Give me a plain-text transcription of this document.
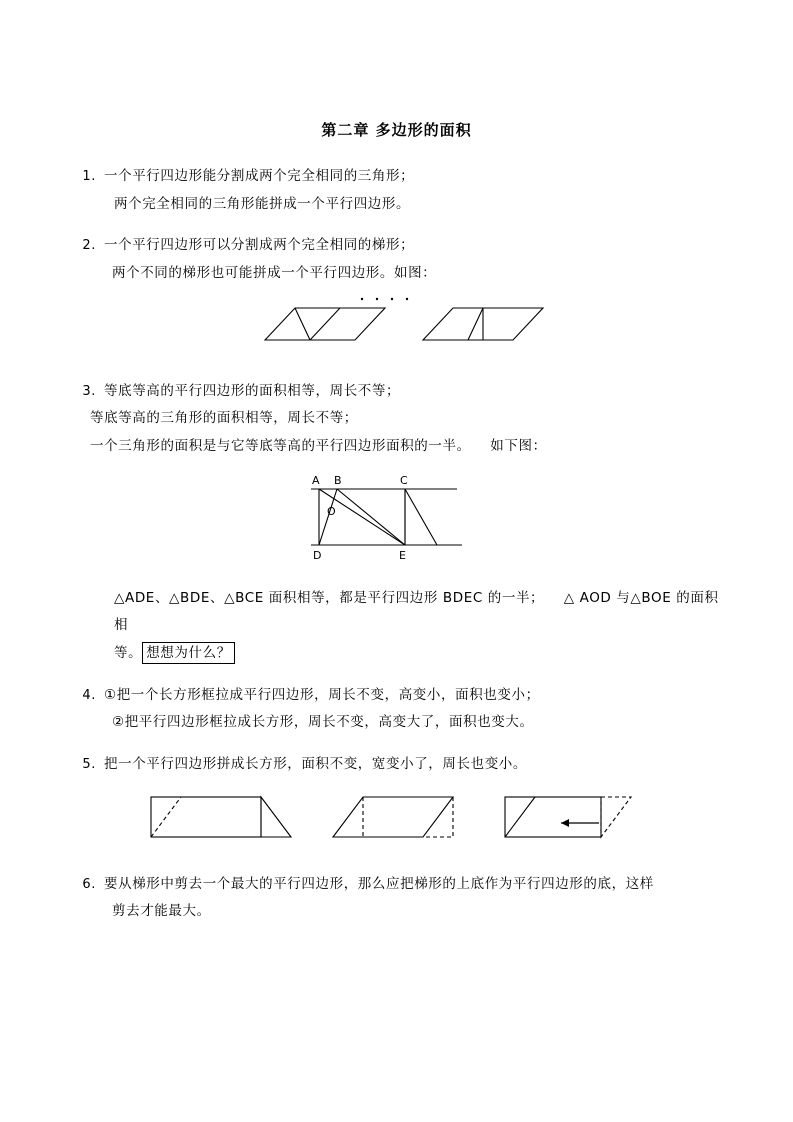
第二章 多边形的面积
1. 一个平行四边形能分割成两个完全相同的三角形；
两个完全相同的三角形能拼成一个平行四边形。
2. 一个平行四边形可以分割成两个完全相同的梯形；
两个不同的梯形也可能拼成一个平行四边形。如图：
3. 等底等高的平行四边形的面积相等，周长不等；
等底等高的三角形的面积相等，周长不等；
一个三角形的面积是与它等底等高的平行四边形面积的一半。    如下图：
A B	C
O
D	E
△ADE、△BDE、△BCE 面积相等，都是平行四边形 BDEC 的一半；    △ AOD 与△BOE 的面积相
等。 想想为什么？
4. ①把一个长方形框拉成平行四边形，周长不变，高变小，面积也变小；
②把平行四边形框拉成长方形，周长不变，高变大了，面积也变大。
5. 把一个平行四边形拼成长方形，面积不变，宽变小了，周长也变小。
6. 要从梯形中剪去一个最大的平行四边形，那么应把梯形的上底作为平行四边形的底，这样
剪去才能最大。
